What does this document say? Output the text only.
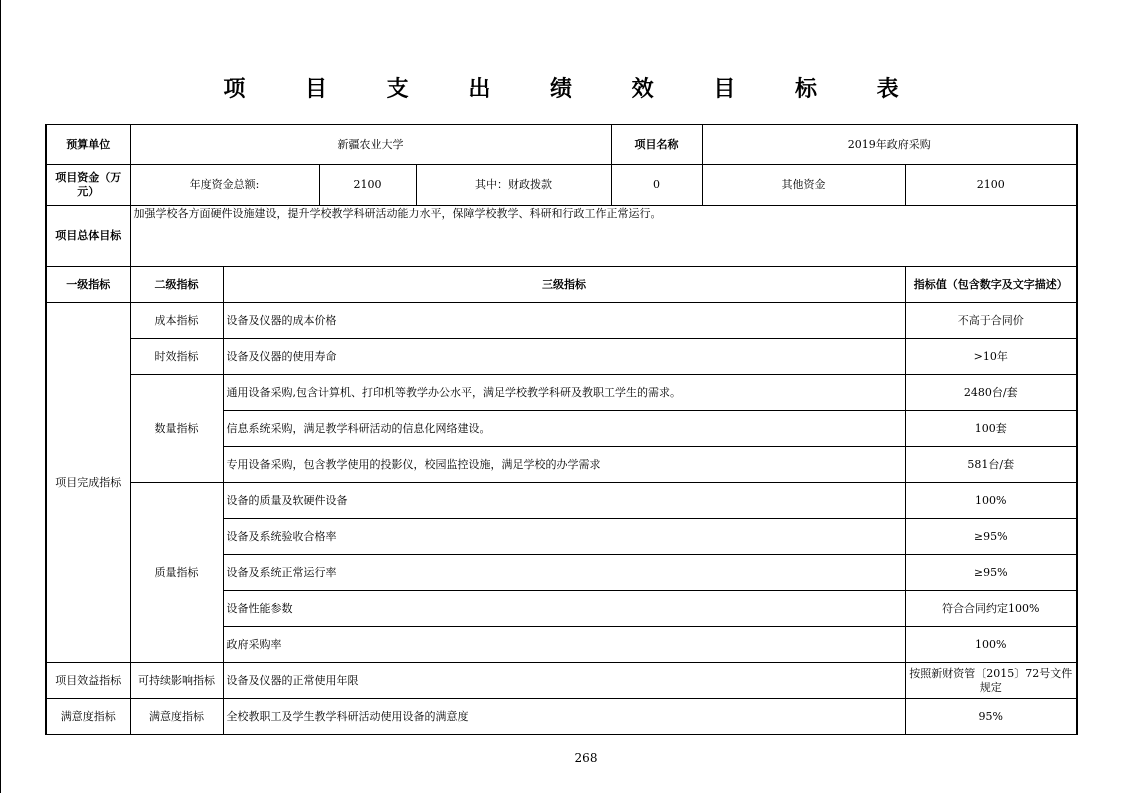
项 目 支 出 绩 效 目 标 表
预算单位	新疆农业大学				项目名称	2019年政府采购	
项目资金（万元）	年度资金总额:		2100	其中：财政拨款	0	其他资金	2100
项目总体目标	加强学校各方面硬件设施建设，提升学校教学科研活动能力水平，保障学校教学、科研和行政工作正常运行。						
一级指标	二级指标	三级指标					指标值（包含数字及文字描述）
项目完成指标	成本指标	设备及仪器的成本价格					不高于合同价
	时效指标	设备及仪器的使用寿命					>10年
	数量指标	通用设备采购,包含计算机、打印机等教学办公水平，满足学校教学科研及教职工学生的需求。					2480台/套
		信息系统采购，满足教学科研活动的信息化网络建设。					100套
		专用设备采购，包含教学使用的投影仪，校园监控设施，满足学校的办学需求					581台/套
	质量指标	设备的质量及软硬件设备					100%
		设备及系统验收合格率					≥95%
		设备及系统正常运行率					≥95%
		设备性能参数					符合合同约定100%
		政府采购率					100%
项目效益指标	可持续影响指标	设备及仪器的正常使用年限					按照新财资管〔2015〕72号文件规定
满意度指标	满意度指标	全校教职工及学生教学科研活动使用设备的满意度					95%
268
